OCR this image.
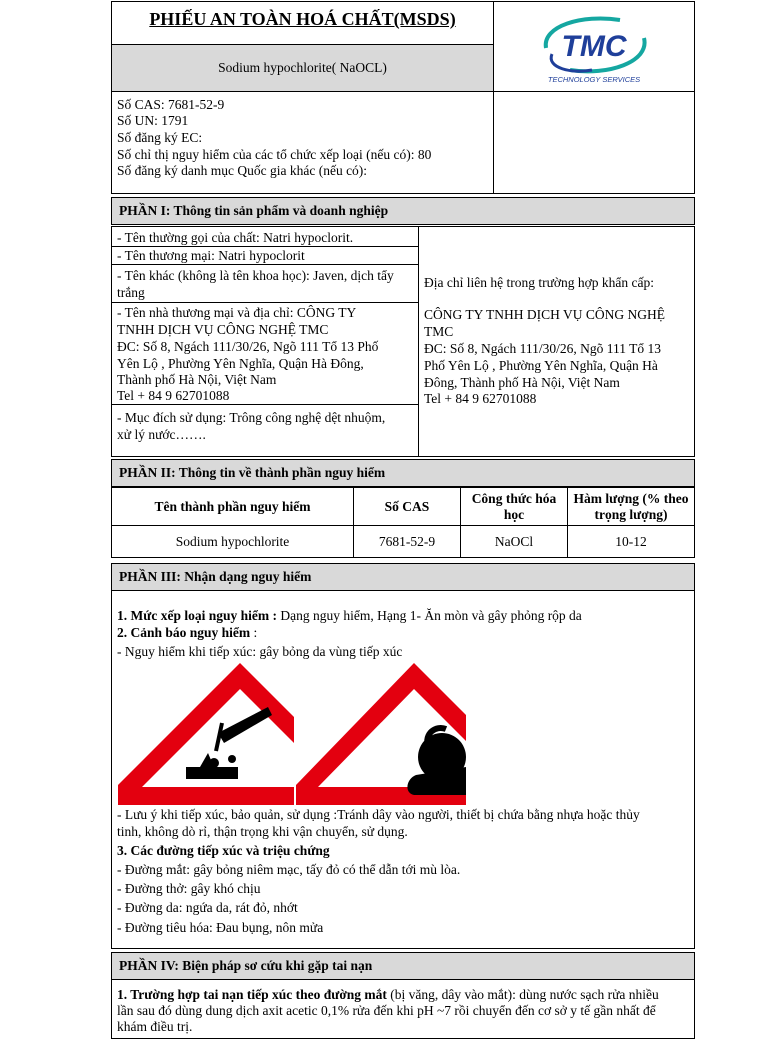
PHIẾU AN TOÀN HOÁ CHẤT(MSDS)
Sodium hypochlorite( NaOCL)
TMC
TECHNOLOGY SERVICES
Số CAS: 7681-52-9
Số UN: 1791
Số đăng ký EC:
Số chỉ thị nguy hiểm của các tổ chức xếp loại (nếu có): 80
Số đăng ký danh mục Quốc gia khác (nếu có):
PHẦN I: Thông tin sản phẩm và doanh nghiệp
- Tên thường gọi của chất: Natri hypoclorit.
- Tên thương mại: Natri hypoclorit
- Tên khác (không là tên khoa học): Javen, dịch tẩy
trắng
- Tên nhà thương mại và địa chỉ: CÔNG TY
TNHH DỊCH VỤ CÔNG NGHỆ TMC
ĐC: Số 8, Ngách 111/30/26, Ngõ 111 Tổ 13 Phố
Yên Lộ , Phường Yên Nghĩa, Quận Hà Đông,
Thành phố Hà Nội, Việt Nam
Tel + 84 9 62701088
- Mục đích sử dụng: Trông công nghệ dệt nhuộm,
xử lý nước…….
Địa chỉ liên hệ trong trường hợp khẩn cấp:
CÔNG TY TNHH DỊCH VỤ CÔNG NGHỆ
TMC
ĐC: Số 8, Ngách 111/30/26, Ngõ 111 Tổ 13
Phố Yên Lộ , Phường Yên Nghĩa, Quận Hà
Đông, Thành phố Hà Nội, Việt Nam
Tel + 84 9 62701088
PHẦN II: Thông tin về thành phần nguy hiểm
Tên thành phần nguy hiểm	Số CAS	Công thức hóa học	Hàm lượng (% theo trọng lượng)
Sodium hypochlorite	7681-52-9	NaOCl	10-12
PHẦN III: Nhận dạng nguy hiểm
1. Mức xếp loại nguy hiểm : Dạng nguy hiểm, Hạng 1- Ăn mòn và gây phỏng rộp da
2. Cảnh báo nguy hiểm :
- Nguy hiểm khi tiếp xúc: gây bỏng da vùng tiếp xúc
- Lưu ý khi tiếp xúc, bảo quản, sử dụng :Tránh dây vào người, thiết bị chứa bằng nhựa hoặc thủy
tinh, không dò rỉ, thận trọng khi vận chuyển, sử dụng.
3. Các đường tiếp xúc và triệu chứng
- Đường mắt: gây bỏng niêm mạc, tấy đỏ có thể dẫn tới mù lòa.
- Đường thở: gây khó chịu
- Đường da: ngứa da, rát đỏ, nhớt
- Đường tiêu hóa: Đau bụng, nôn mửa
PHẦN IV: Biện pháp sơ cứu khi gặp tai nạn
1. Trường hợp tai nạn tiếp xúc theo đường mắt (bị văng, dây vào mắt): dùng nước sạch rửa nhiều
lần sau đó dùng dung dịch axit acetic 0,1% rửa đến khi pH ~7 rồi chuyển đến cơ sở y tế gần nhất để
khám điều trị.
